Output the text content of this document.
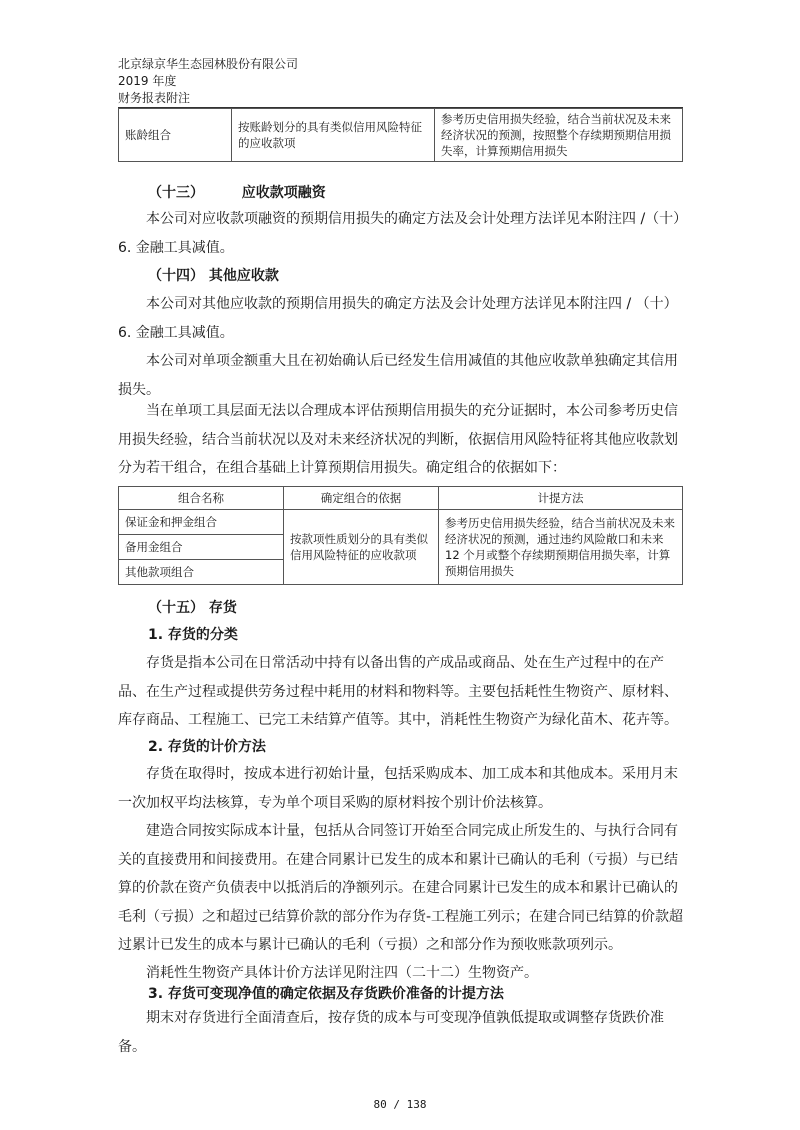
北京绿京华生态园林股份有限公司
2019 年度
财务报表附注
账龄组合	按账龄划分的具有类似信用风险特征的应收款项	参考历史信用损失经验，结合当前状况及未来经济状况的预测，按照整个存续期预期信用损失率，计算预期信用损失
（十三）	应收款项融资
本公司对应收款项融资的预期信用损失的确定方法及会计处理方法详见本附注四 /（十）6. 金融工具减值。
（十四） 其他应收款
本公司对其他应收款的预期信用损失的确定方法及会计处理方法详见本附注四 / （十）6. 金融工具减值。
本公司对单项金额重大且在初始确认后已经发生信用减值的其他应收款单独确定其信用损失。
当在单项工具层面无法以合理成本评估预期信用损失的充分证据时，本公司参考历史信用损失经验，结合当前状况以及对未来经济状况的判断，依据信用风险特征将其他应收款划分为若干组合，在组合基础上计算预期信用损失。确定组合的依据如下：
组合名称	确定组合的依据	计提方法
保证金和押金组合	按款项性质划分的具有类似信用风险特征的应收款项	参考历史信用损失经验，结合当前状况及未来经济状况的预测，通过违约风险敞口和未来 12 个月或整个存续期预期信用损失率，计算预期信用损失
备用金组合		
其他款项组合		
（十五） 存货
1. 存货的分类
存货是指本公司在日常活动中持有以备出售的产成品或商品、处在生产过程中的在产品、在生产过程或提供劳务过程中耗用的材料和物料等。主要包括耗性生物资产、原材料、库存商品、工程施工、已完工未结算产值等。其中，消耗性生物资产为绿化苗木、花卉等。
2. 存货的计价方法
存货在取得时，按成本进行初始计量，包括采购成本、加工成本和其他成本。采用月末一次加权平均法核算，专为单个项目采购的原材料按个别计价法核算。
建造合同按实际成本计量，包括从合同签订开始至合同完成止所发生的、与执行合同有关的直接费用和间接费用。在建合同累计已发生的成本和累计已确认的毛利（亏损）与已结算的价款在资产负债表中以抵消后的净额列示。在建合同累计已发生的成本和累计已确认的毛利（亏损）之和超过已结算价款的部分作为存货-工程施工列示；在建合同已结算的价款超过累计已发生的成本与累计已确认的毛利（亏损）之和部分作为预收账款项列示。
消耗性生物资产具体计价方法详见附注四（二十二）生物资产。
3. 存货可变现净值的确定依据及存货跌价准备的计提方法
期末对存货进行全面清查后，按存货的成本与可变现净值孰低提取或调整存货跌价准备。
80 / 138
